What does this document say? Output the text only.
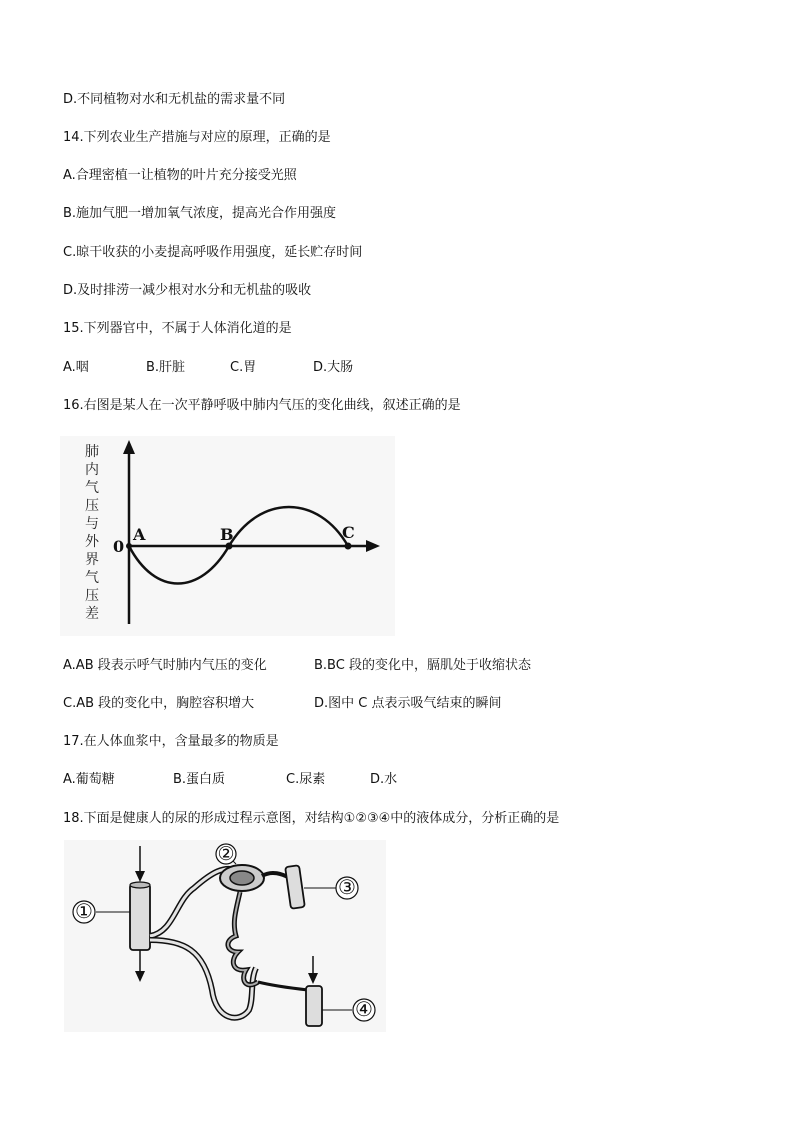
D.不同植物对水和无机盐的需求量不同
14.下列农业生产措施与对应的原理，正确的是
A.合理密植一让植物的叶片充分接受光照
B.施加气肥一增加氧气浓度，提高光合作用强度
C.晾干收获的小麦提高呼吸作用强度，延长贮存时间
D.及时排涝一减少根对水分和无机盐的吸收
15.下列器官中，不属于人体消化道的是
A.咽	B.肝脏	C.胃	D.大肠
16.右图是某人在一次平静呼吸中肺内气压的变化曲线，叙述正确的是
肺
内
气
压
与
外
界
气
压
差
0
A	B	C
A.AB 段表示呼气时肺内气压的变化	B.BC 段的变化中，膈肌处于收缩状态
C.AB 段的变化中，胸腔容积增大	D.图中 C 点表示吸气结束的瞬间
17.在人体血浆中，含量最多的物质是
A.葡萄糖	B.蛋白质	C.尿素	D.水
18.下面是健康人的尿的形成过程示意图，对结构①②③④中的液体成分，分析正确的是
①
②
③
④
